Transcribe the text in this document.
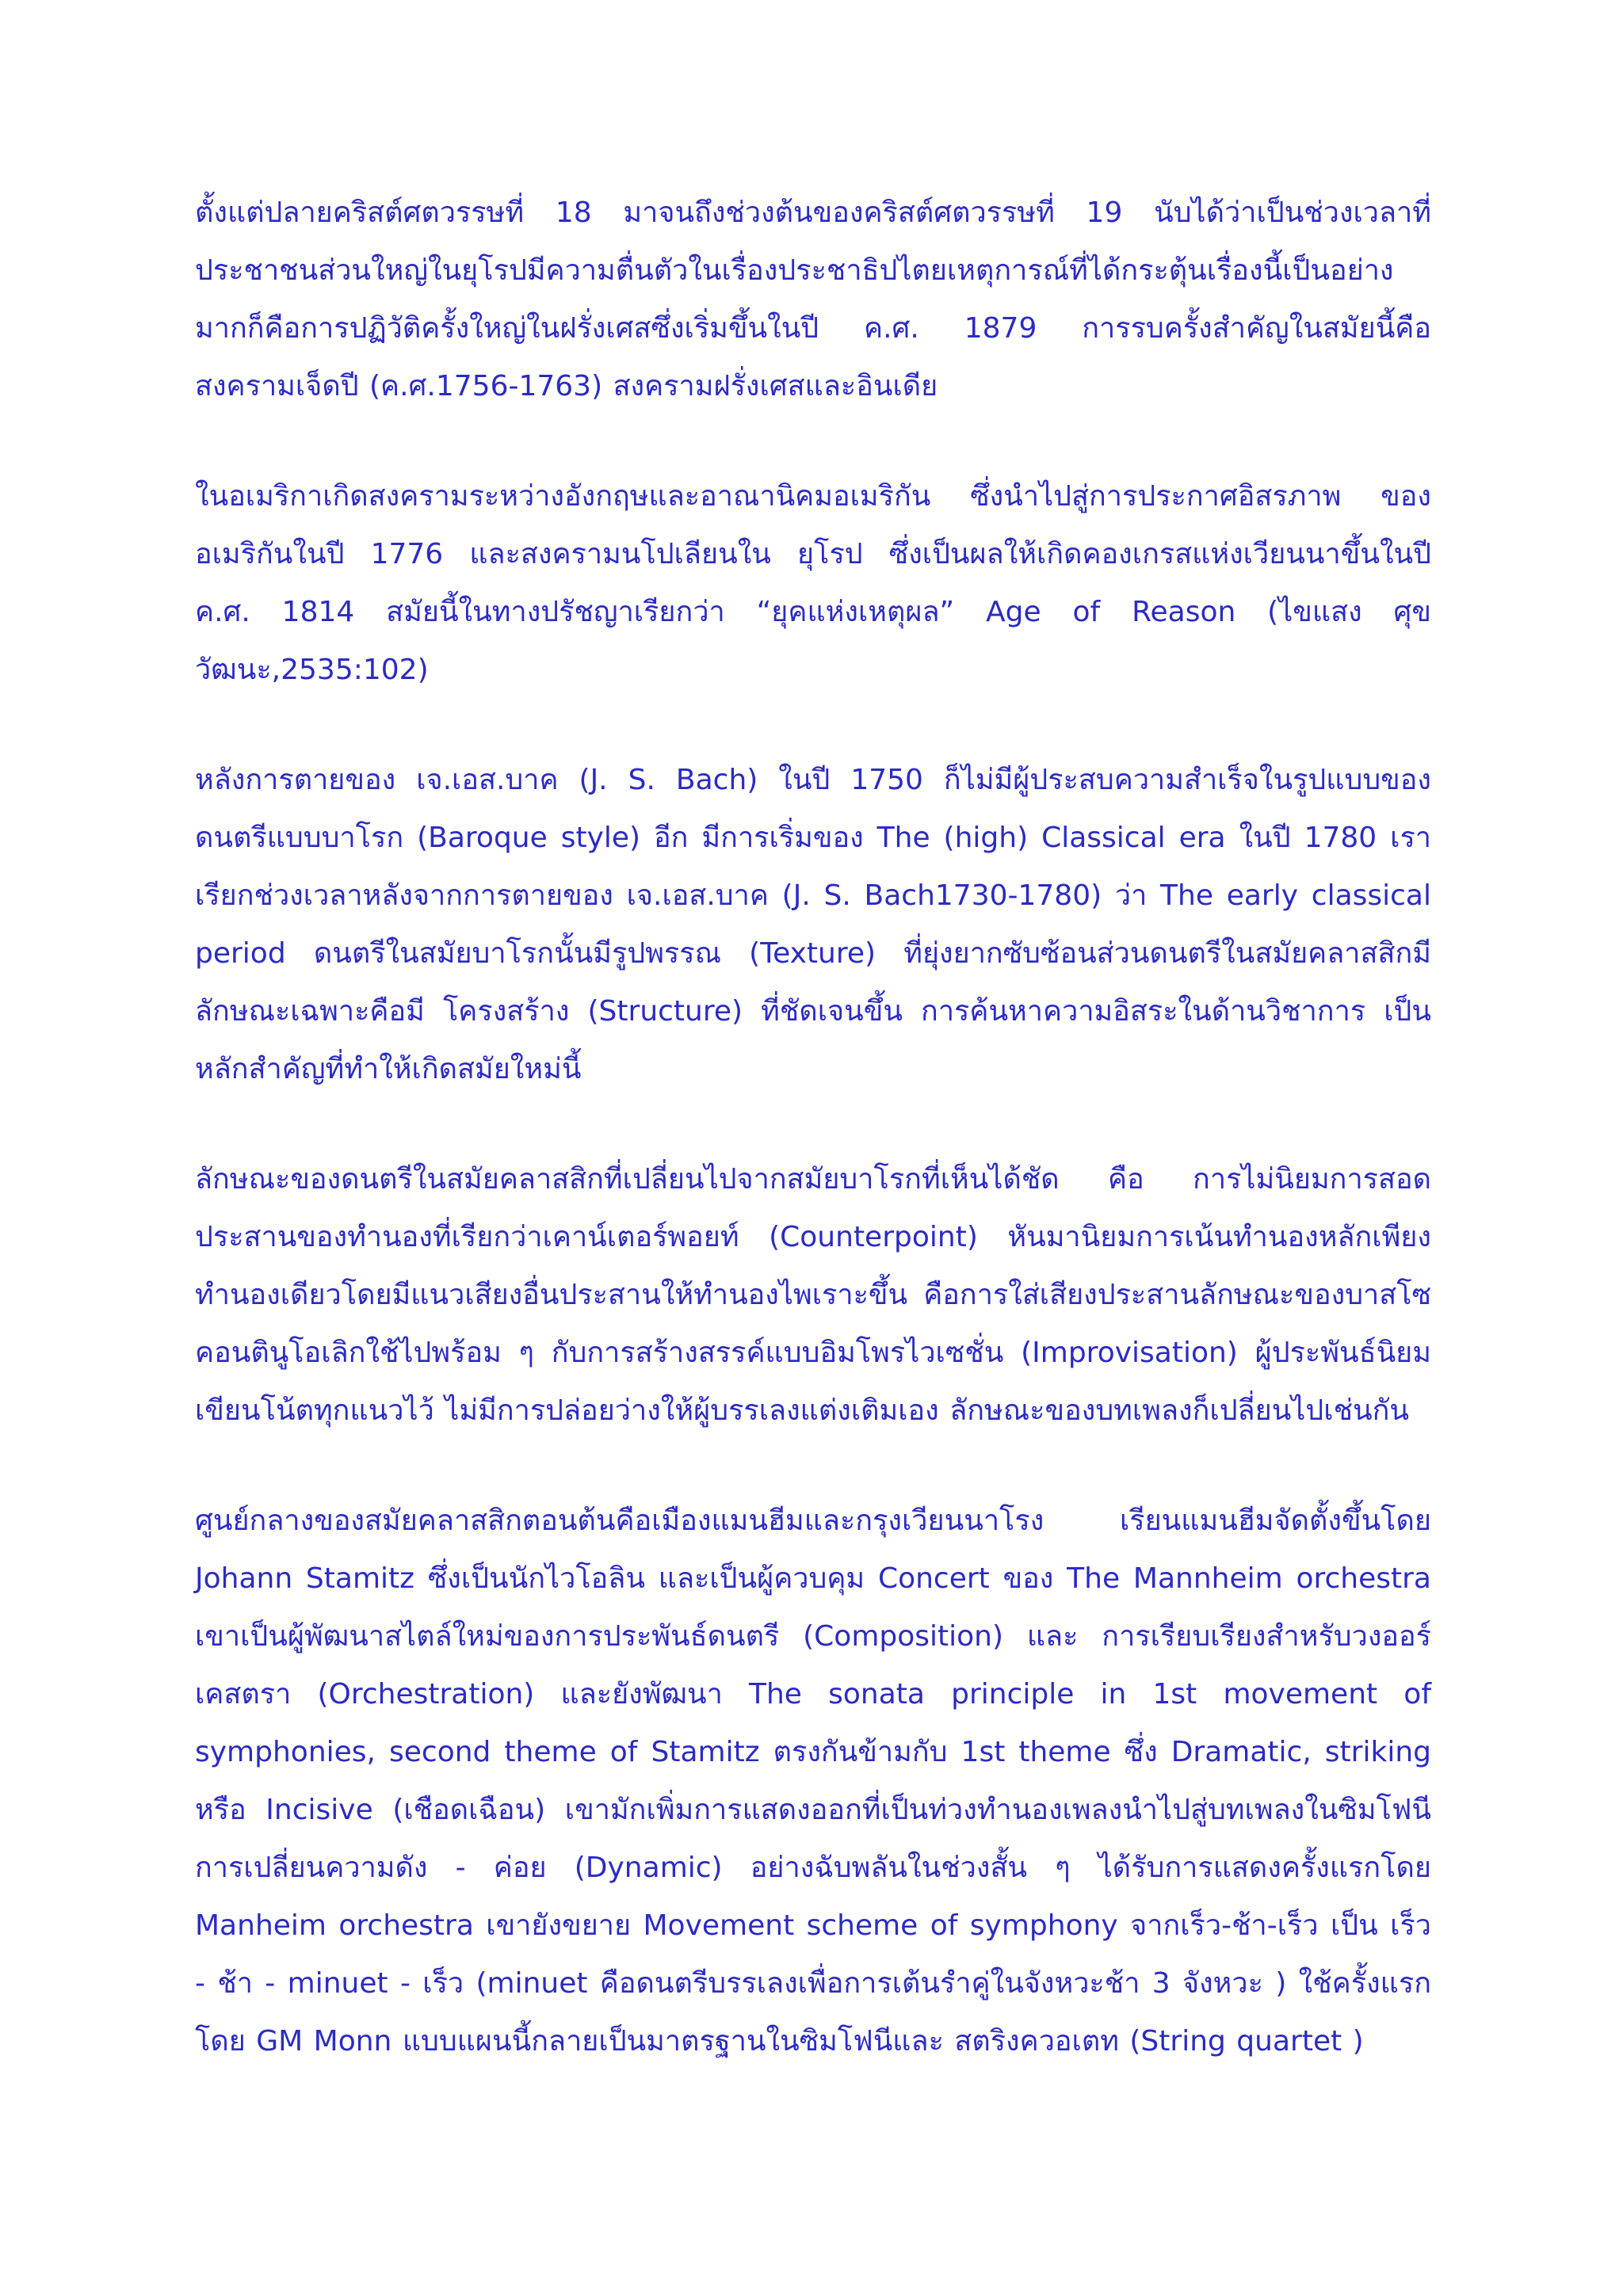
ตั้งแต่ปลายคริสต์ศตวรรษที่ 18 มาจนถึงช่วงต้นของคริสต์ศตวรรษที่ 19 นับได้ว่าเป็นช่วงเวลาที่ประชาชนส่วนใหญ่ในยุโรปมีความตื่นตัวในเรื่องประชาธิปไตยเหตุการณ์ที่ได้กระตุ้นเรื่องนี้เป็นอย่างมากก็คือการปฏิวัติครั้งใหญ่ในฝรั่งเศสซึ่งเริ่มขึ้นในปี ค.ศ. 1879 การรบครั้งสำคัญในสมัยนี้คือ สงครามเจ็ดปี (ค.ศ.1756-1763) สงครามฝรั่งเศสและอินเดีย

ในอเมริกาเกิดสงครามระหว่างอังกฤษและอาณานิคมอเมริกัน ซึ่งนำไปสู่การประกาศอิสรภาพ ของอเมริกันในปี 1776 และสงครามนโปเลียนใน ยุโรป ซึ่งเป็นผลให้เกิดคองเกรสแห่งเวียนนาขึ้นในปี ค.ศ. 1814 สมัยนี้ในทางปรัชญาเรียกว่า “ยุคแห่งเหตุผล” Age of Reason (ไขแสง ศุขวัฒนะ,2535:102)

หลังการตายของ เจ.เอส.บาค (J. S. Bach) ในปี 1750 ก็ไม่มีผู้ประสบความสำเร็จในรูปแบบของดนตรีแบบบาโรก (Baroque style) อีก มีการเริ่มของ The (high) Classical era ในปี 1780 เราเรียกช่วงเวลาหลังจากการตายของ เจ.เอส.บาค (J. S. Bach1730-1780) ว่า The early classical period ดนตรีในสมัยบาโรกนั้นมีรูปพรรณ (Texture) ที่ยุ่งยากซับซ้อนส่วนดนตรีในสมัยคลาสสิกมีลักษณะเฉพาะคือมี โครงสร้าง (Structure) ที่ชัดเจนขึ้น การค้นหาความอิสระในด้านวิชาการ เป็นหลักสำคัญที่ทำให้เกิดสมัยใหม่นี้

ลักษณะของดนตรีในสมัยคลาสสิกที่เปลี่ยนไปจากสมัยบาโรกที่เห็นได้ชัด คือ การไม่นิยมการสอดประสานของทำนองที่เรียกว่าเคาน์เตอร์พอยท์ (Counterpoint) หันมานิยมการเน้นทำนองหลักเพียงทำนองเดียวโดยมีแนวเสียงอื่นประสานให้ทำนองไพเราะขึ้น คือการใส่เสียงประสานลักษณะของบาสโซ คอนตินูโอเลิกใช้ไปพร้อม ๆ กับการสร้างสรรค์แบบอิมโพรไวเซชั่น (Improvisation) ผู้ประพันธ์นิยมเขียนโน้ตทุกแนวไว้ ไม่มีการปล่อยว่างให้ผู้บรรเลงแต่งเติมเอง ลักษณะของบทเพลงก็เปลี่ยนไปเช่นกัน

ศูนย์กลางของสมัยคลาสสิกตอนต้นคือเมืองแมนฮีมและกรุงเวียนนาโรง เรียนแมนฮีมจัดตั้งขึ้นโดย Johann Stamitz ซึ่งเป็นนักไวโอลิน และเป็นผู้ควบคุม Concert ของ The Mannheim orchestra เขาเป็นผู้พัฒนาสไตล์ใหม่ของการประพันธ์ดนตรี (Composition) และ การเรียบเรียงสำหรับวงออร์เคสตรา (Orchestration) และยังพัฒนา The sonata principle in 1st movement of symphonies, second theme of Stamitz ตรงกันข้ามกับ 1st theme ซึ่ง Dramatic, striking หรือ Incisive (เชือดเฉือน) เขามักเพิ่มการแสดงออกที่เป็นท่วงทำนองเพลงนำไปสู่บทเพลงในซิมโฟนี การเปลี่ยนความดัง - ค่อย (Dynamic) อย่างฉับพลันในช่วงสั้น ๆ ได้รับการแสดงครั้งแรกโดย Manheim orchestra เขายังขยาย Movement scheme of symphony จากเร็ว-ช้า-เร็ว เป็น เร็ว - ช้า - minuet - เร็ว (minuet คือดนตรีบรรเลงเพื่อการเต้นรำคู่ในจังหวะช้า 3 จังหวะ ) ใช้ครั้งแรกโดย GM Monn แบบแผนนี้กลายเป็นมาตรฐานในซิมโฟนีและ สตริงควอเตท (String quartet )
